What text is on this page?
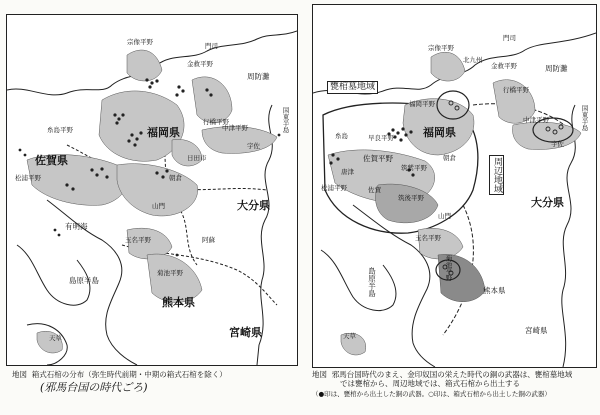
門司
宗像平野
金救平野
周防灘
行橋平野	国東半島
福岡県
糸島平野
佐賀県
松浦平野
中津平野
宇佐
日田市
大分県
有明海
山門
玉名平野
菊池平野
阿蘇
朝倉
島原半島
熊本県
宮崎県
天草
地図 箱式石棺の分布（弥生時代前期・中期の箱式石棺を除く）
(邪馬台国の時代ごろ)
門司
宗像平野
金救平野
北九州
周防灘
行橋平野
国東半島
福岡平野
福岡県
早良平野
佐賀平野
唐津
松浦平野	佐賀
筑後平野
筑紫平野
朝倉
中津平野
宇佐
大分県
山門
玉名平野
菊池平野
島原半島	熊本県
宮崎県
天草
糸島
甕棺墓地域
周辺地域
地図 邪馬台国時代のまえ、金印奴国の栄えた時代の銅の武器は、甕棺墓地域
では甕棺から、周辺地域では、箱式石棺から出土する
（●印は、甕棺から出土した銅の武器。○印は、箱式石棺から出土した銅の武器）
